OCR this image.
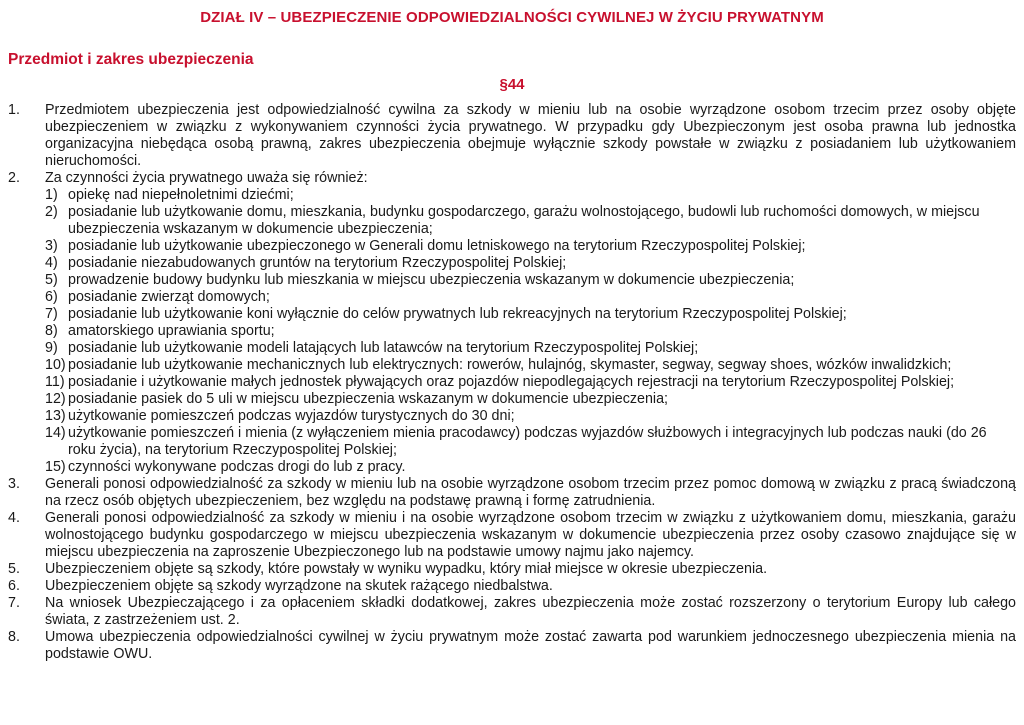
DZIAŁ IV – UBEZPIECZENIE ODPOWIEDZIALNOŚCI CYWILNEJ W ŻYCIU PRYWATNYM
Przedmiot i zakres ubezpieczenia
§44
1.	Przedmiotem ubezpieczenia jest odpowiedzialność cywilna za szkody w mieniu lub na osobie wyrządzone osobom trzecim przez osoby objęte ubezpieczeniem w związku z wykonywaniem czynności życia prywatnego. W przypadku gdy Ubezpieczonym jest osoba prawna lub jednostka organizacyjna niebędąca osobą prawną, zakres ubezpieczenia obejmuje wyłącznie szkody powstałe w związku z posiadaniem lub użytkowaniem nieruchomości.
2.	Za czynności życia prywatnego uważa się również:
1) opiekę nad niepełnoletnimi dziećmi;
2) posiadanie lub użytkowanie domu, mieszkania, budynku gospodarczego, garażu wolnostojącego, budowli lub ruchomości domowych, w miejscu ubezpieczenia wskazanym w dokumencie ubezpieczenia;
3) posiadanie lub użytkowanie ubezpieczonego w Generali domu letniskowego na terytorium Rzeczypospolitej Polskiej;
4) posiadanie niezabudowanych gruntów na terytorium Rzeczypospolitej Polskiej;
5) prowadzenie budowy budynku lub mieszkania w miejscu ubezpieczenia wskazanym w dokumencie ubezpieczenia;
6) posiadanie zwierząt domowych;
7) posiadanie lub użytkowanie koni wyłącznie do celów prywatnych lub rekreacyjnych na terytorium Rzeczypospolitej Polskiej;
8) amatorskiego uprawiania sportu;
9) posiadanie lub użytkowanie modeli latających lub latawców na terytorium Rzeczypospolitej Polskiej;
10) posiadanie lub użytkowanie mechanicznych lub elektrycznych: rowerów, hulajnóg, skymaster, segway, segway shoes, wózków inwalidzkich;
11) posiadanie i użytkowanie małych jednostek pływających oraz pojazdów niepodlegających rejestracji na terytorium Rzeczypospolitej Polskiej;
12) posiadanie pasiek do 5 uli w miejscu ubezpieczenia wskazanym w dokumencie ubezpieczenia;
13) użytkowanie pomieszczeń podczas wyjazdów turystycznych do 30 dni;
14) użytkowanie pomieszczeń i mienia (z wyłączeniem mienia pracodawcy) podczas wyjazdów służbowych i integracyjnych lub podczas nauki (do 26 roku życia), na terytorium Rzeczypospolitej Polskiej;
15) czynności wykonywane podczas drogi do lub z pracy.
3.	Generali ponosi odpowiedzialność za szkody w mieniu lub na osobie wyrządzone osobom trzecim przez pomoc domową w związku z pracą świadczoną na rzecz osób objętych ubezpieczeniem, bez względu na podstawę prawną i formę zatrudnienia.
4.	Generali ponosi odpowiedzialność za szkody w mieniu i na osobie wyrządzone osobom trzecim w związku z użytkowaniem domu, mieszkania, garażu wolnostojącego budynku gospodarczego w miejscu ubezpieczenia wskazanym w dokumencie ubezpieczenia przez osoby czasowo znajdujące się w miejscu ubezpieczenia na zaproszenie Ubezpieczonego lub na podstawie umowy najmu jako najemcy.
5.	Ubezpieczeniem objęte są szkody, które powstały w wyniku wypadku, który miał miejsce w okresie ubezpieczenia.
6.	Ubezpieczeniem objęte są szkody wyrządzone na skutek rażącego niedbalstwa.
7.	Na wniosek Ubezpieczającego i za opłaceniem składki dodatkowej, zakres ubezpieczenia może zostać rozszerzony o terytorium Europy lub całego świata, z zastrzeżeniem ust. 2.
8.	Umowa ubezpieczenia odpowiedzialności cywilnej w życiu prywatnym może zostać zawarta pod warunkiem jednoczesnego ubezpieczenia mienia na podstawie OWU.
